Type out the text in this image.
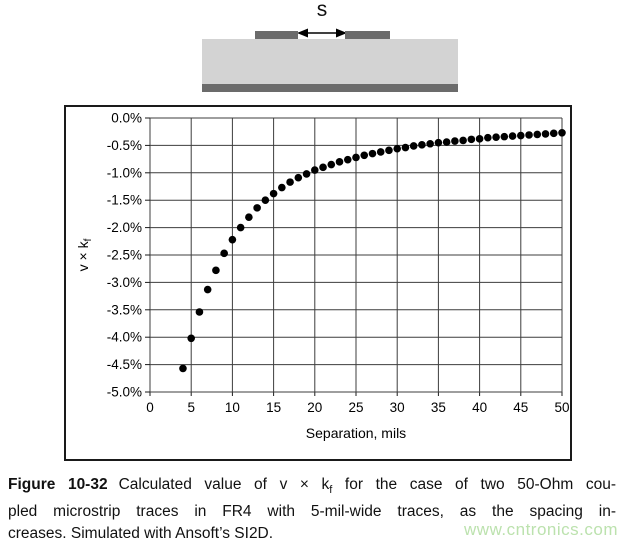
s
0 5 10 15 20 25 30 35 40 45 50
0.0%
-0.5%
-1.0%
-1.5%
-2.0%
-2.5%
-3.0%
-3.5%
-4.0%
-4.5%
-5.0%
Separation, mils
$v \times k_f$
Figure 10-32 Calculated value of $v \times k_f$ for the case of two 50-Ohm cou-
pled microstrip traces in FR4 with 5-mil-wide traces, as the spacing in-
creases. Simulated with Ansoft’s SI2D.	www.cntronics.com
